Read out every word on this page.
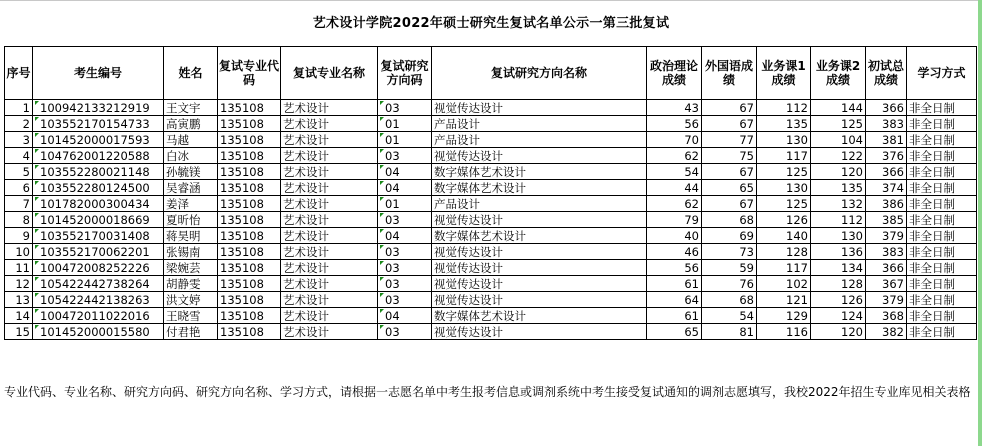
艺术设计学院2022年硕士研究生复试名单公示一第三批复试
序号	考生编号	姓名	复试专业代码	复试专业名称	复试研究方向码	复试研究方向名称	政治理论成绩	外国语成绩	业务课1成绩	业务课2成绩	初试总成绩	学习方式
1	100942133212919	王文宇	135108	艺术设计	03	视觉传达设计	43	67	112	144	366	非全日制
2	103552170154733	高寅鹏	135108	艺术设计	01	产品设计	56	67	135	125	383	非全日制
3	101452000017593	马越	135108	艺术设计	01	产品设计	70	77	130	104	381	非全日制
4	104762001220588	白冰	135108	艺术设计	03	视觉传达设计	62	75	117	122	376	非全日制
5	103552280021148	孙毓镁	135108	艺术设计	04	数字媒体艺术设计	54	67	125	120	366	非全日制
6	103552280124500	吴睿涵	135108	艺术设计	04	数字媒体艺术设计	44	65	130	135	374	非全日制
7	101782000300434	姜泽	135108	艺术设计	01	产品设计	62	67	125	132	386	非全日制
8	101452000018669	夏昕怡	135108	艺术设计	03	视觉传达设计	79	68	126	112	385	非全日制
9	103552170031408	蒋昊明	135108	艺术设计	04	数字媒体艺术设计	40	69	140	130	379	非全日制
10	103552170062201	张锡南	135108	艺术设计	03	视觉传达设计	46	73	128	136	383	非全日制
11	100472008252226	梁婉芸	135108	艺术设计	03	视觉传达设计	56	59	117	134	366	非全日制
12	105422442738264	胡静雯	135108	艺术设计	03	视觉传达设计	61	76	102	128	367	非全日制
13	105422442138263	洪文婷	135108	艺术设计	03	视觉传达设计	64	68	121	126	379	非全日制
14	100472011022016	王晓雪	135108	艺术设计	04	数字媒体艺术设计	61	54	129	124	368	非全日制
15	101452000015580	付君艳	135108	艺术设计	03	视觉传达设计	65	81	116	120	382	非全日制
专业代码、专业名称、研究方向码、研究方向名称、学习方式，请根据一志愿名单中考生报考信息或调剂系统中考生接受复试通知的调剂志愿填写，我校2022年招生专业库见相关表格
